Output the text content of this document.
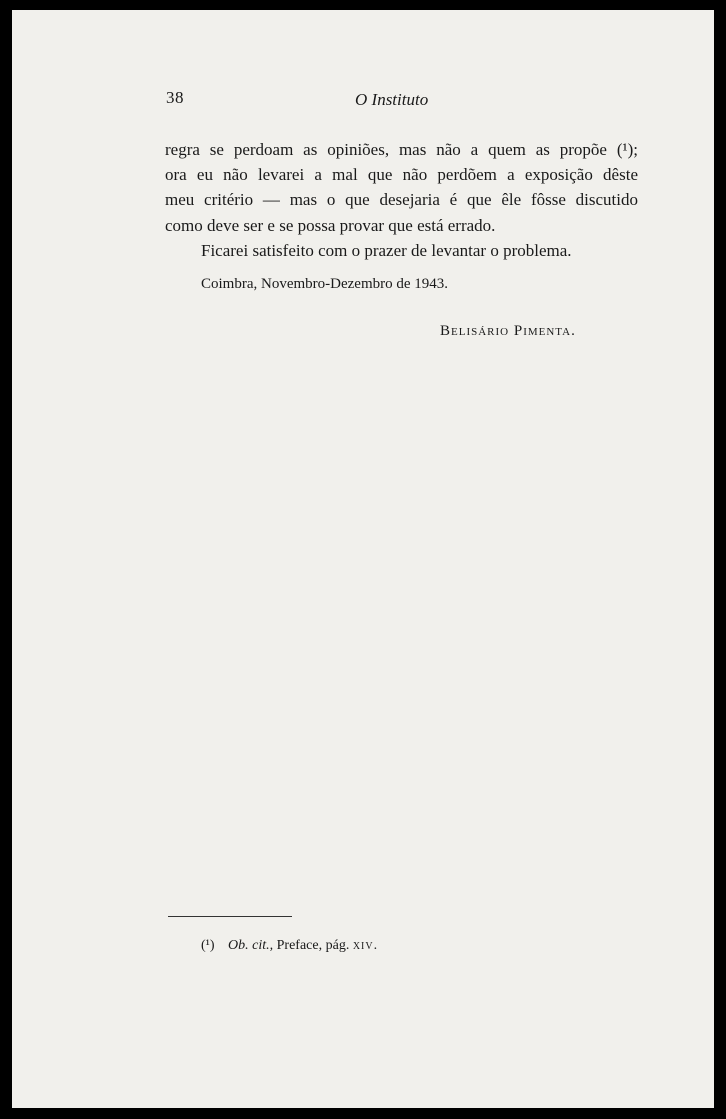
38	O Instituto
regra se perdoam as opiniões, mas não a quem as propõe (¹);
ora eu não levarei a mal que não perdõem a exposição dêste
meu critério — mas o que desejaria é que êle fôsse discutido
como deve ser e se possa provar que está errado.
Ficarei satisfeito com o prazer de levantar o problema.
Coimbra, Novembro-Dezembro de 1943.
Belisário Pimenta.
(¹) Ob. cit., Preface, pág. xiv.
